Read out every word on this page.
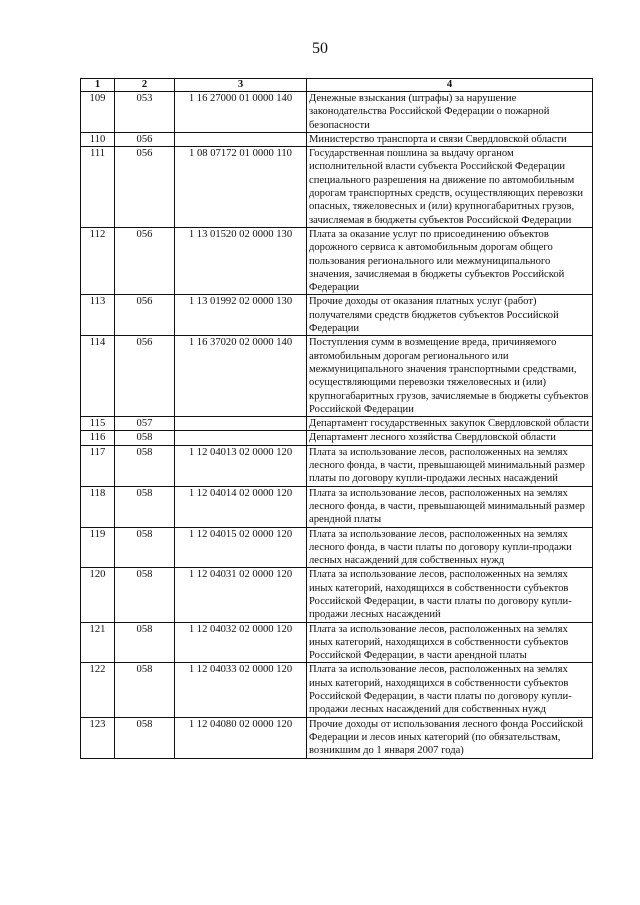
50
1	2	3	4
109	053	1 16 27000 01 0000 140	Денежные взыскания (штрафы) за нарушение законодательства Российской Федерации о пожарной безопасности
110	056		Министерство транспорта и связи Свердловской области
111	056	1 08 07172 01 0000 110	Государственная пошлина за выдачу органом исполнительной власти субъекта Российской Федерации специального разрешения на движение по автомобильным дорогам транспортных средств, осуществляющих перевозки опасных, тяжеловесных и (или) крупногабаритных грузов, зачисляемая в бюджеты субъектов Российской Федерации
112	056	1 13 01520 02 0000 130	Плата за оказание услуг по присоединению объектов дорожного сервиса к автомобильным дорогам общего пользования регионального или межмуниципального значения, зачисляемая в бюджеты субъектов Российской Федерации
113	056	1 13 01992 02 0000 130	Прочие доходы от оказания платных услуг (работ) получателями средств бюджетов субъектов Российской Федерации
114	056	1 16 37020 02 0000 140	Поступления сумм в возмещение вреда, причиняемого автомобильным дорогам регионального или межмуниципального значения транспортными средствами, осуществляющими перевозки тяжеловесных и (или) крупногабаритных грузов, зачисляемые в бюджеты субъектов Российской Федерации
115	057		Департамент государственных закупок Свердловской области
116	058		Департамент лесного хозяйства Свердловской области
117	058	1 12 04013 02 0000 120	Плата за использование лесов, расположенных на землях лесного фонда, в части, превышающей минимальный размер платы по договору купли-продажи лесных насаждений
118	058	1 12 04014 02 0000 120	Плата за использование лесов, расположенных на землях лесного фонда, в части, превышающей минимальный размер арендной платы
119	058	1 12 04015 02 0000 120	Плата за использование лесов, расположенных на землях лесного фонда, в части платы по договору купли-продажи лесных насаждений для собственных нужд
120	058	1 12 04031 02 0000 120	Плата за использование лесов, расположенных на землях иных категорий, находящихся в собственности субъектов Российской Федерации, в части платы по договору купли-продажи лесных насаждений
121	058	1 12 04032 02 0000 120	Плата за использование лесов, расположенных на землях иных категорий, находящихся в собственности субъектов Российской Федерации, в части арендной платы
122	058	1 12 04033 02 0000 120	Плата за использование лесов, расположенных на землях иных категорий, находящихся в собственности субъектов Российской Федерации, в части платы по договору купли-продажи лесных насаждений для собственных нужд
123	058	1 12 04080 02 0000 120	Прочие доходы от использования лесного фонда Российской Федерации и лесов иных категорий (по обязательствам, возникшим до 1 января 2007 года)
